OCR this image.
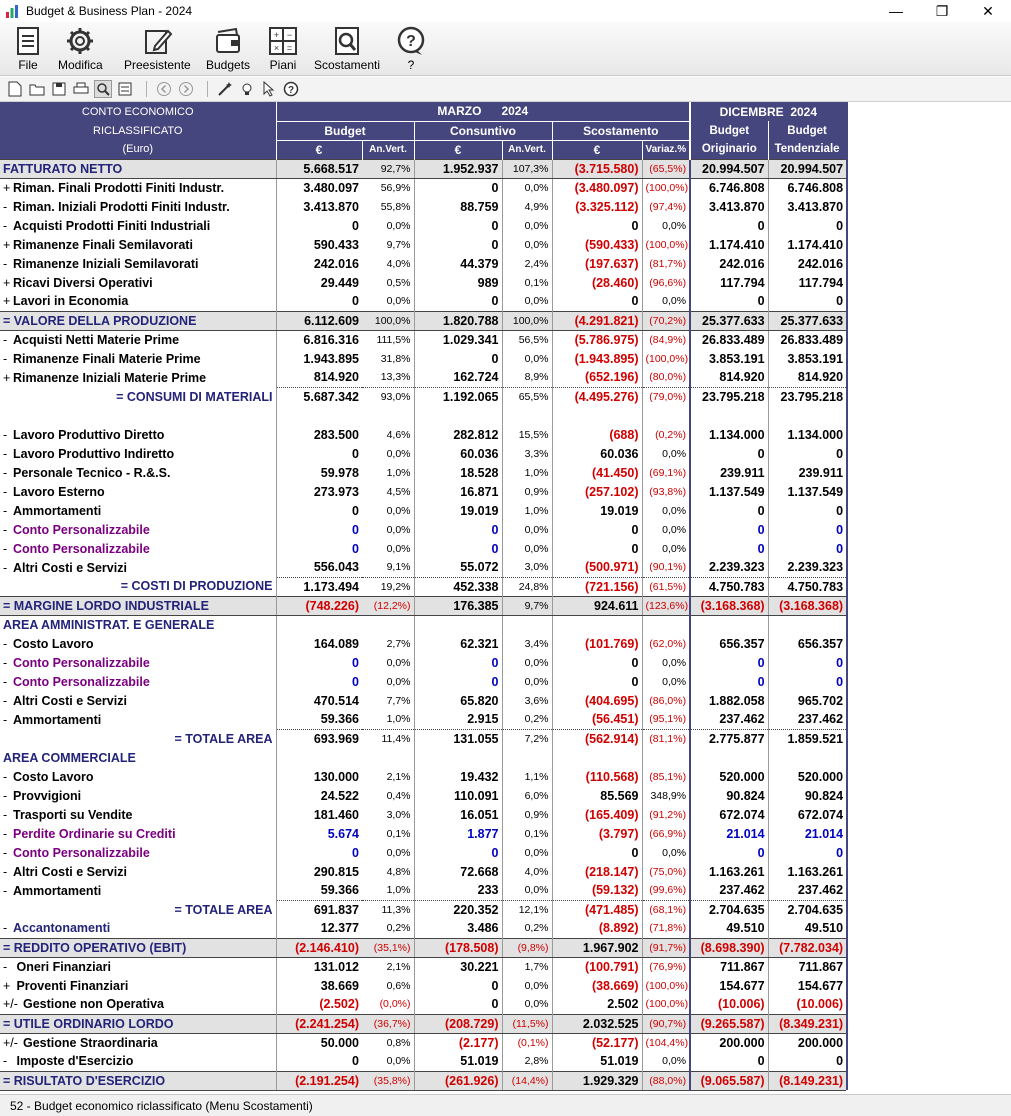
Budget & Business Plan - 2024	—	❐	✕
File Modifica Preesistente Budgets
+ −
× =
Piani Scostamenti
?
?
?
CONTO ECONOMICO	MARZO 2024						DICEMBRE 2024	
RICLASSIFICATO	Budget		Consuntivo		Scostamento		Budget	Budget
(Euro)	€	An.Vert.	€	An.Vert.	€	Variaz.%	Originario	Tendenziale
FATTURATO NETTO	5.668.517	92,7%	1.952.937	107,3%	(3.715.580)	(65,5%)	20.994.507	20.994.507
+ Riman. Finali Prodotti Finiti Industr.	3.480.097	56,9%	0	0,0%	(3.480.097)	(100,0%)	6.746.808	6.746.808
- Riman. Iniziali Prodotti Finiti Industr.	3.413.870	55,8%	88.759	4,9%	(3.325.112)	(97,4%)	3.413.870	3.413.870
- Acquisti Prodotti Finiti Industriali	0	0,0%	0	0,0%	0	0,0%	0	0
+ Rimanenze Finali Semilavorati	590.433	9,7%	0	0,0%	(590.433)	(100,0%)	1.174.410	1.174.410
- Rimanenze Iniziali Semilavorati	242.016	4,0%	44.379	2,4%	(197.637)	(81,7%)	242.016	242.016
+ Ricavi Diversi Operativi	29.449	0,5%	989	0,1%	(28.460)	(96,6%)	117.794	117.794
+ Lavori in Economia	0	0,0%	0	0,0%	0	0,0%	0	0
= VALORE DELLA PRODUZIONE	6.112.609	100,0%	1.820.788	100,0%	(4.291.821)	(70,2%)	25.377.633	25.377.633
- Acquisti Netti Materie Prime	6.816.316	111,5%	1.029.341	56,5%	(5.786.975)	(84,9%)	26.833.489	26.833.489
- Rimanenze Finali Materie Prime	1.943.895	31,8%	0	0,0%	(1.943.895)	(100,0%)	3.853.191	3.853.191
+ Rimanenze Iniziali Materie Prime	814.920	13,3%	162.724	8,9%	(652.196)	(80,0%)	814.920	814.920
= CONSUMI DI MATERIALI	5.687.342	93,0%	1.192.065	65,5%	(4.495.276)	(79,0%)	23.795.218	23.795.218

- Lavoro Produttivo Diretto	283.500	4,6%	282.812	15,5%	(688)	(0,2%)	1.134.000	1.134.000
- Lavoro Produttivo Indiretto	0	0,0%	60.036	3,3%	60.036	0,0%	0	0
- Personale Tecnico - R.&.S.	59.978	1,0%	18.528	1,0%	(41.450)	(69,1%)	239.911	239.911
- Lavoro Esterno	273.973	4,5%	16.871	0,9%	(257.102)	(93,8%)	1.137.549	1.137.549
- Ammortamenti	0	0,0%	19.019	1,0%	19.019	0,0%	0	0
- Conto Personalizzabile	0	0,0%	0	0,0%	0	0,0%	0	0
- Conto Personalizzabile	0	0,0%	0	0,0%	0	0,0%	0	0
- Altri Costi e Servizi	556.043	9,1%	55.072	3,0%	(500.971)	(90,1%)	2.239.323	2.239.323
= COSTI DI PRODUZIONE	1.173.494	19,2%	452.338	24,8%	(721.156)	(61,5%)	4.750.783	4.750.783
= MARGINE LORDO INDUSTRIALE	(748.226)	(12,2%)	176.385	9,7%	924.611	(123,6%)	(3.168.368)	(3.168.368)
AREA AMMINISTRAT. E GENERALE								
- Costo Lavoro	164.089	2,7%	62.321	3,4%	(101.769)	(62,0%)	656.357	656.357
- Conto Personalizzabile	0	0,0%	0	0,0%	0	0,0%	0	0
- Conto Personalizzabile	0	0,0%	0	0,0%	0	0,0%	0	0
- Altri Costi e Servizi	470.514	7,7%	65.820	3,6%	(404.695)	(86,0%)	1.882.058	965.702
- Ammortamenti	59.366	1,0%	2.915	0,2%	(56.451)	(95,1%)	237.462	237.462
= TOTALE AREA	693.969	11,4%	131.055	7,2%	(562.914)	(81,1%)	2.775.877	1.859.521
AREA COMMERCIALE								
- Costo Lavoro	130.000	2,1%	19.432	1,1%	(110.568)	(85,1%)	520.000	520.000
- Provvigioni	24.522	0,4%	110.091	6,0%	85.569	348,9%	90.824	90.824
- Trasporti su Vendite	181.460	3,0%	16.051	0,9%	(165.409)	(91,2%)	672.074	672.074
- Perdite Ordinarie su Crediti	5.674	0,1%	1.877	0,1%	(3.797)	(66,9%)	21.014	21.014
- Conto Personalizzabile	0	0,0%	0	0,0%	0	0,0%	0	0
- Altri Costi e Servizi	290.815	4,8%	72.668	4,0%	(218.147)	(75,0%)	1.163.261	1.163.261
- Ammortamenti	59.366	1,0%	233	0,0%	(59.132)	(99,6%)	237.462	237.462
= TOTALE AREA	691.837	11,3%	220.352	12,1%	(471.485)	(68,1%)	2.704.635	2.704.635
- Accantonamenti	12.377	0,2%	3.486	0,2%	(8.892)	(71,8%)	49.510	49.510
= REDDITO OPERATIVO (EBIT)	(2.146.410)	(35,1%)	(178.508)	(9,8%)	1.967.902	(91,7%)	(8.698.390)	(7.782.034)
- Oneri Finanziari	131.012	2,1%	30.221	1,7%	(100.791)	(76,9%)	711.867	711.867
+ Proventi Finanziari	38.669	0,6%	0	0,0%	(38.669)	(100,0%)	154.677	154.677
+/- Gestione non Operativa	(2.502)	(0,0%)	0	0,0%	2.502	(100,0%)	(10.006)	(10.006)
= UTILE ORDINARIO LORDO	(2.241.254)	(36,7%)	(208.729)	(11,5%)	2.032.525	(90,7%)	(9.265.587)	(8.349.231)
+/- Gestione Straordinaria	50.000	0,8%	(2.177)	(0,1%)	(52.177)	(104,4%)	200.000	200.000
- Imposte d'Esercizio	0	0,0%	51.019	2,8%	51.019	0,0%	0	0
= RISULTATO D'ESERCIZIO	(2.191.254)	(35,8%)	(261.926)	(14,4%)	1.929.329	(88,0%)	(9.065.587)	(8.149.231)
52 - Budget economico riclassificato (Menu Scostamenti)
